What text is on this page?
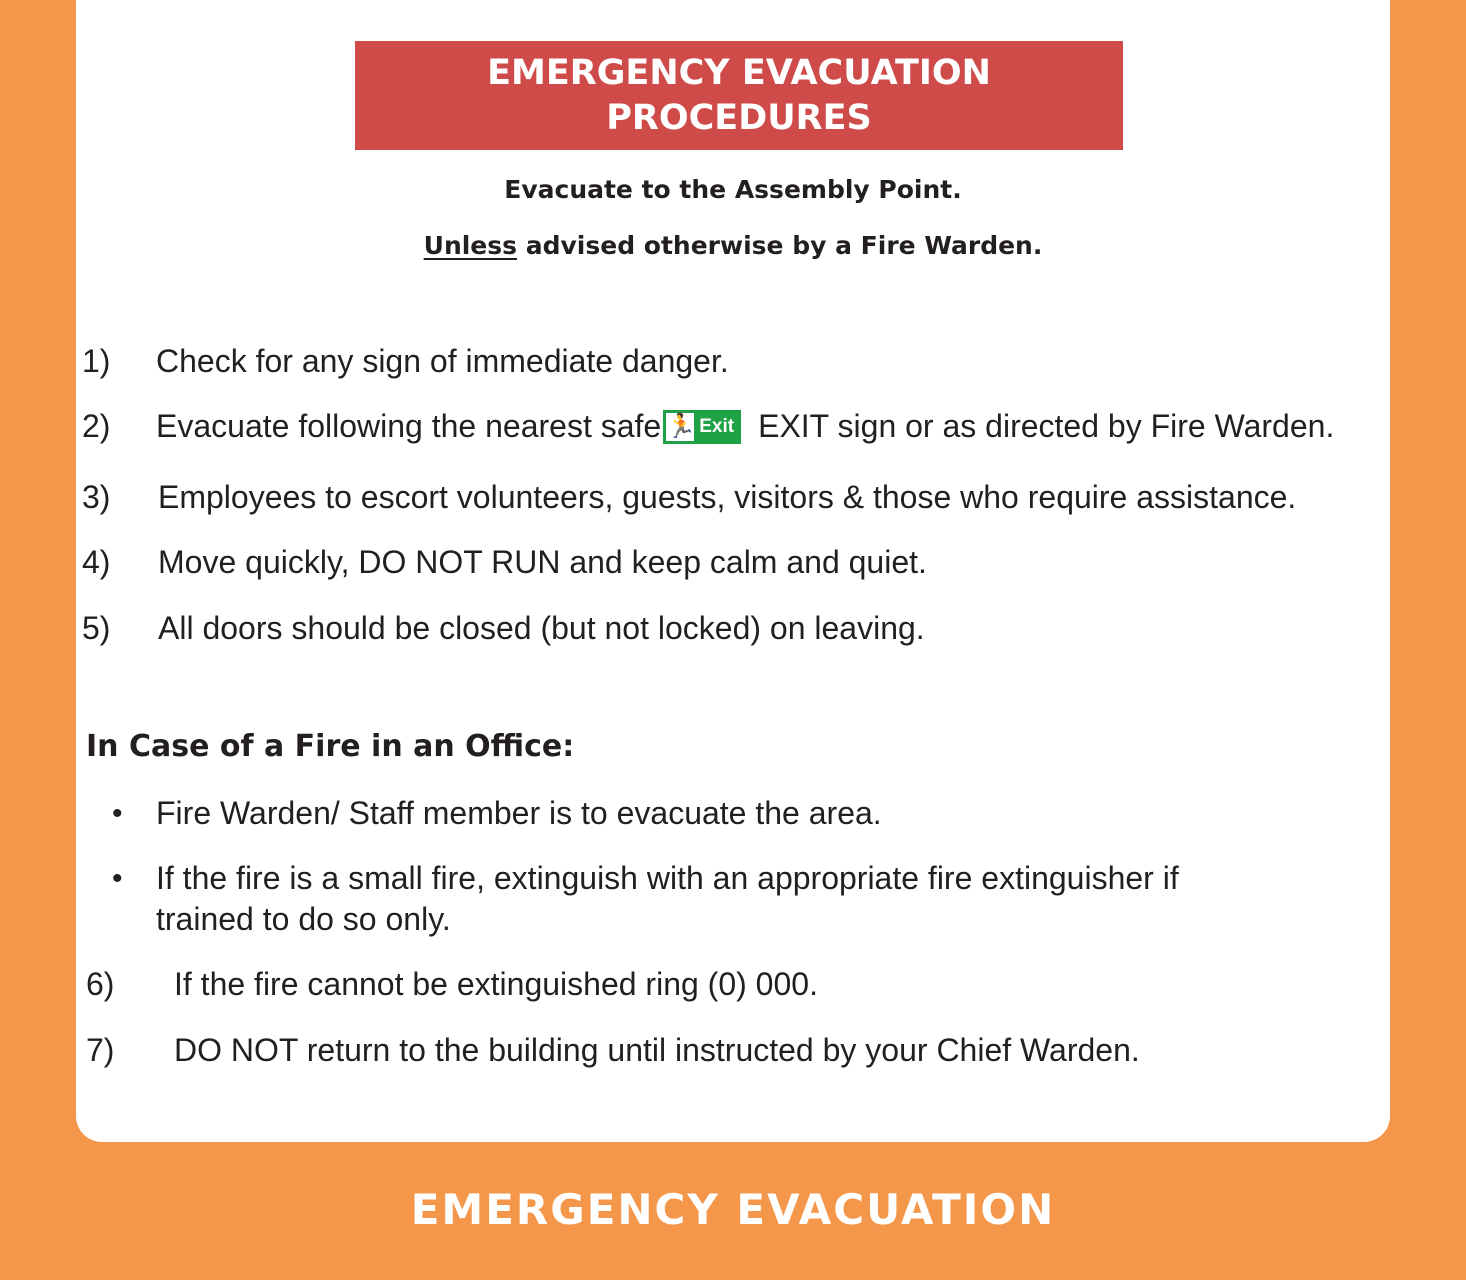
EMERGENCY EVACUATION
PROCEDURES
Evacuate to the Assembly Point.
Unless advised otherwise by a Fire Warden.
1) Check for any sign of immediate danger.
2) Evacuate following the nearest safe 🏃 Exit EXIT sign or as directed by Fire Warden.
3) Employees to escort volunteers, guests, visitors & those who require assistance.
4) Move quickly, DO NOT RUN and keep calm and quiet.
5) All doors should be closed (but not locked) on leaving.
In Case of a Fire in an Office:
• Fire Warden/ Staff member is to evacuate the area.
• If the fire is a small fire, extinguish with an appropriate fire extinguisher if
trained to do so only.
6) If the fire cannot be extinguished ring (0) 000.
7) DO NOT return to the building until instructed by your Chief Warden.
EMERGENCY EVACUATION
